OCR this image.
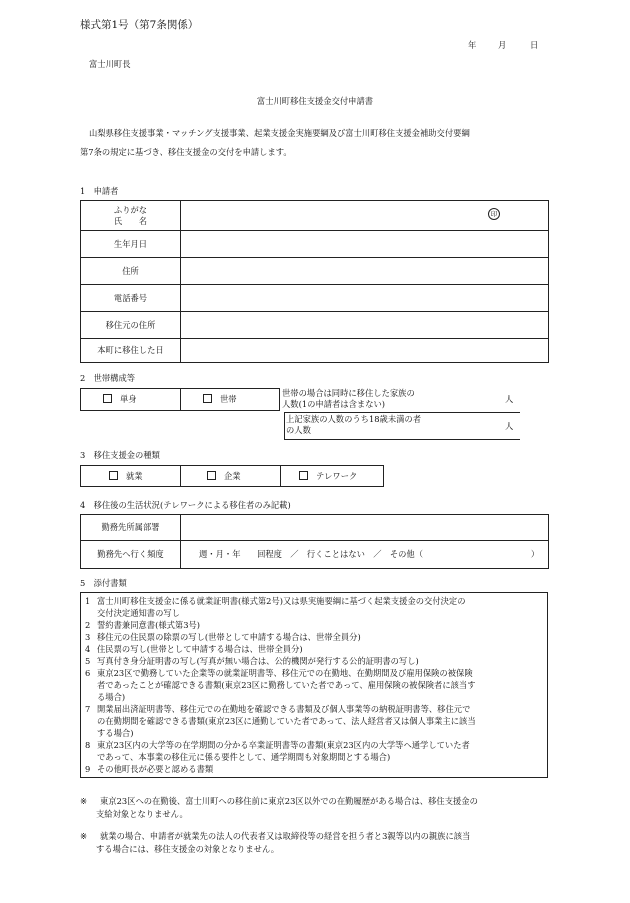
様式第1号（第7条関係）
年	月	日
富士川町長
富士川町移住支援金交付申請書
山梨県移住支援事業・マッチング支援事業、起業支援金実施要綱及び富士川町移住支援金補助交付要綱
第7条の規定に基づき、移住支援金の交付を申請します。
1　申請者
ふりがな
氏　　名	印

生年月日	
住所	
電話番号	
移住元の住所	
本町に移住した日	
2　世帯構成等
単身	世帯
世帯の場合は同時に移住した家族の
人数(1の申請者は含まない)	人
上記家族の人数のうち18歳未満の者
の人数	人
3　移住支援金の種類
就業	企業	テレワーク
4　移住後の生活状況(テレワークによる移住者のみ記載)
勤務先所属部署	
勤務先へ行く頻度	週・月・年　　回程度　／　行くことはない　／　その他（　　　　　　　　　　　　　）
5　添付書類
1 富士川町移住支援金に係る就業証明書(様式第2号)又は県実施要綱に基づく起業支援金の交付決定の
交付決定通知書の写し
2 誓約書兼同意書(様式第3号)
3 移住元の住民票の除票の写し(世帯として申請する場合は、世帯全員分)
4 住民票の写し(世帯として申請する場合は、世帯全員分)
5 写真付き身分証明書の写し(写真が無い場合は、公的機関が発行する公的証明書の写し)
6 東京23区で勤務していた企業等の就業証明書等、移住元での在勤地、在勤期間及び雇用保険の被保険
者であったことが確認できる書類(東京23区に勤務していた者であって、雇用保険の被保険者に該当す
る場合)
7 開業届出済証明書等、移住元での在勤地を確認できる書類及び個人事業等の納税証明書等、移住元で
の在勤期間を確認できる書類(東京23区に通勤していた者であって、法人経営者又は個人事業主に該当
する場合)
8 東京23区内の大学等の在学期間の分かる卒業証明書等の書類(東京23区内の大学等へ通学していた者
であって、本事業の移住元に係る要件として、通学期間も対象期間とする場合)
9 その他町長が必要と認める書類
※	東京23区への在勤後、富士川町への移住前に東京23区以外での在勤履歴がある場合は、移住支援金の
支給対象となりません。
※	就業の場合、申請者が就業先の法人の代表者又は取締役等の経営を担う者と3親等以内の親族に該当
する場合には、移住支援金の対象となりません。
